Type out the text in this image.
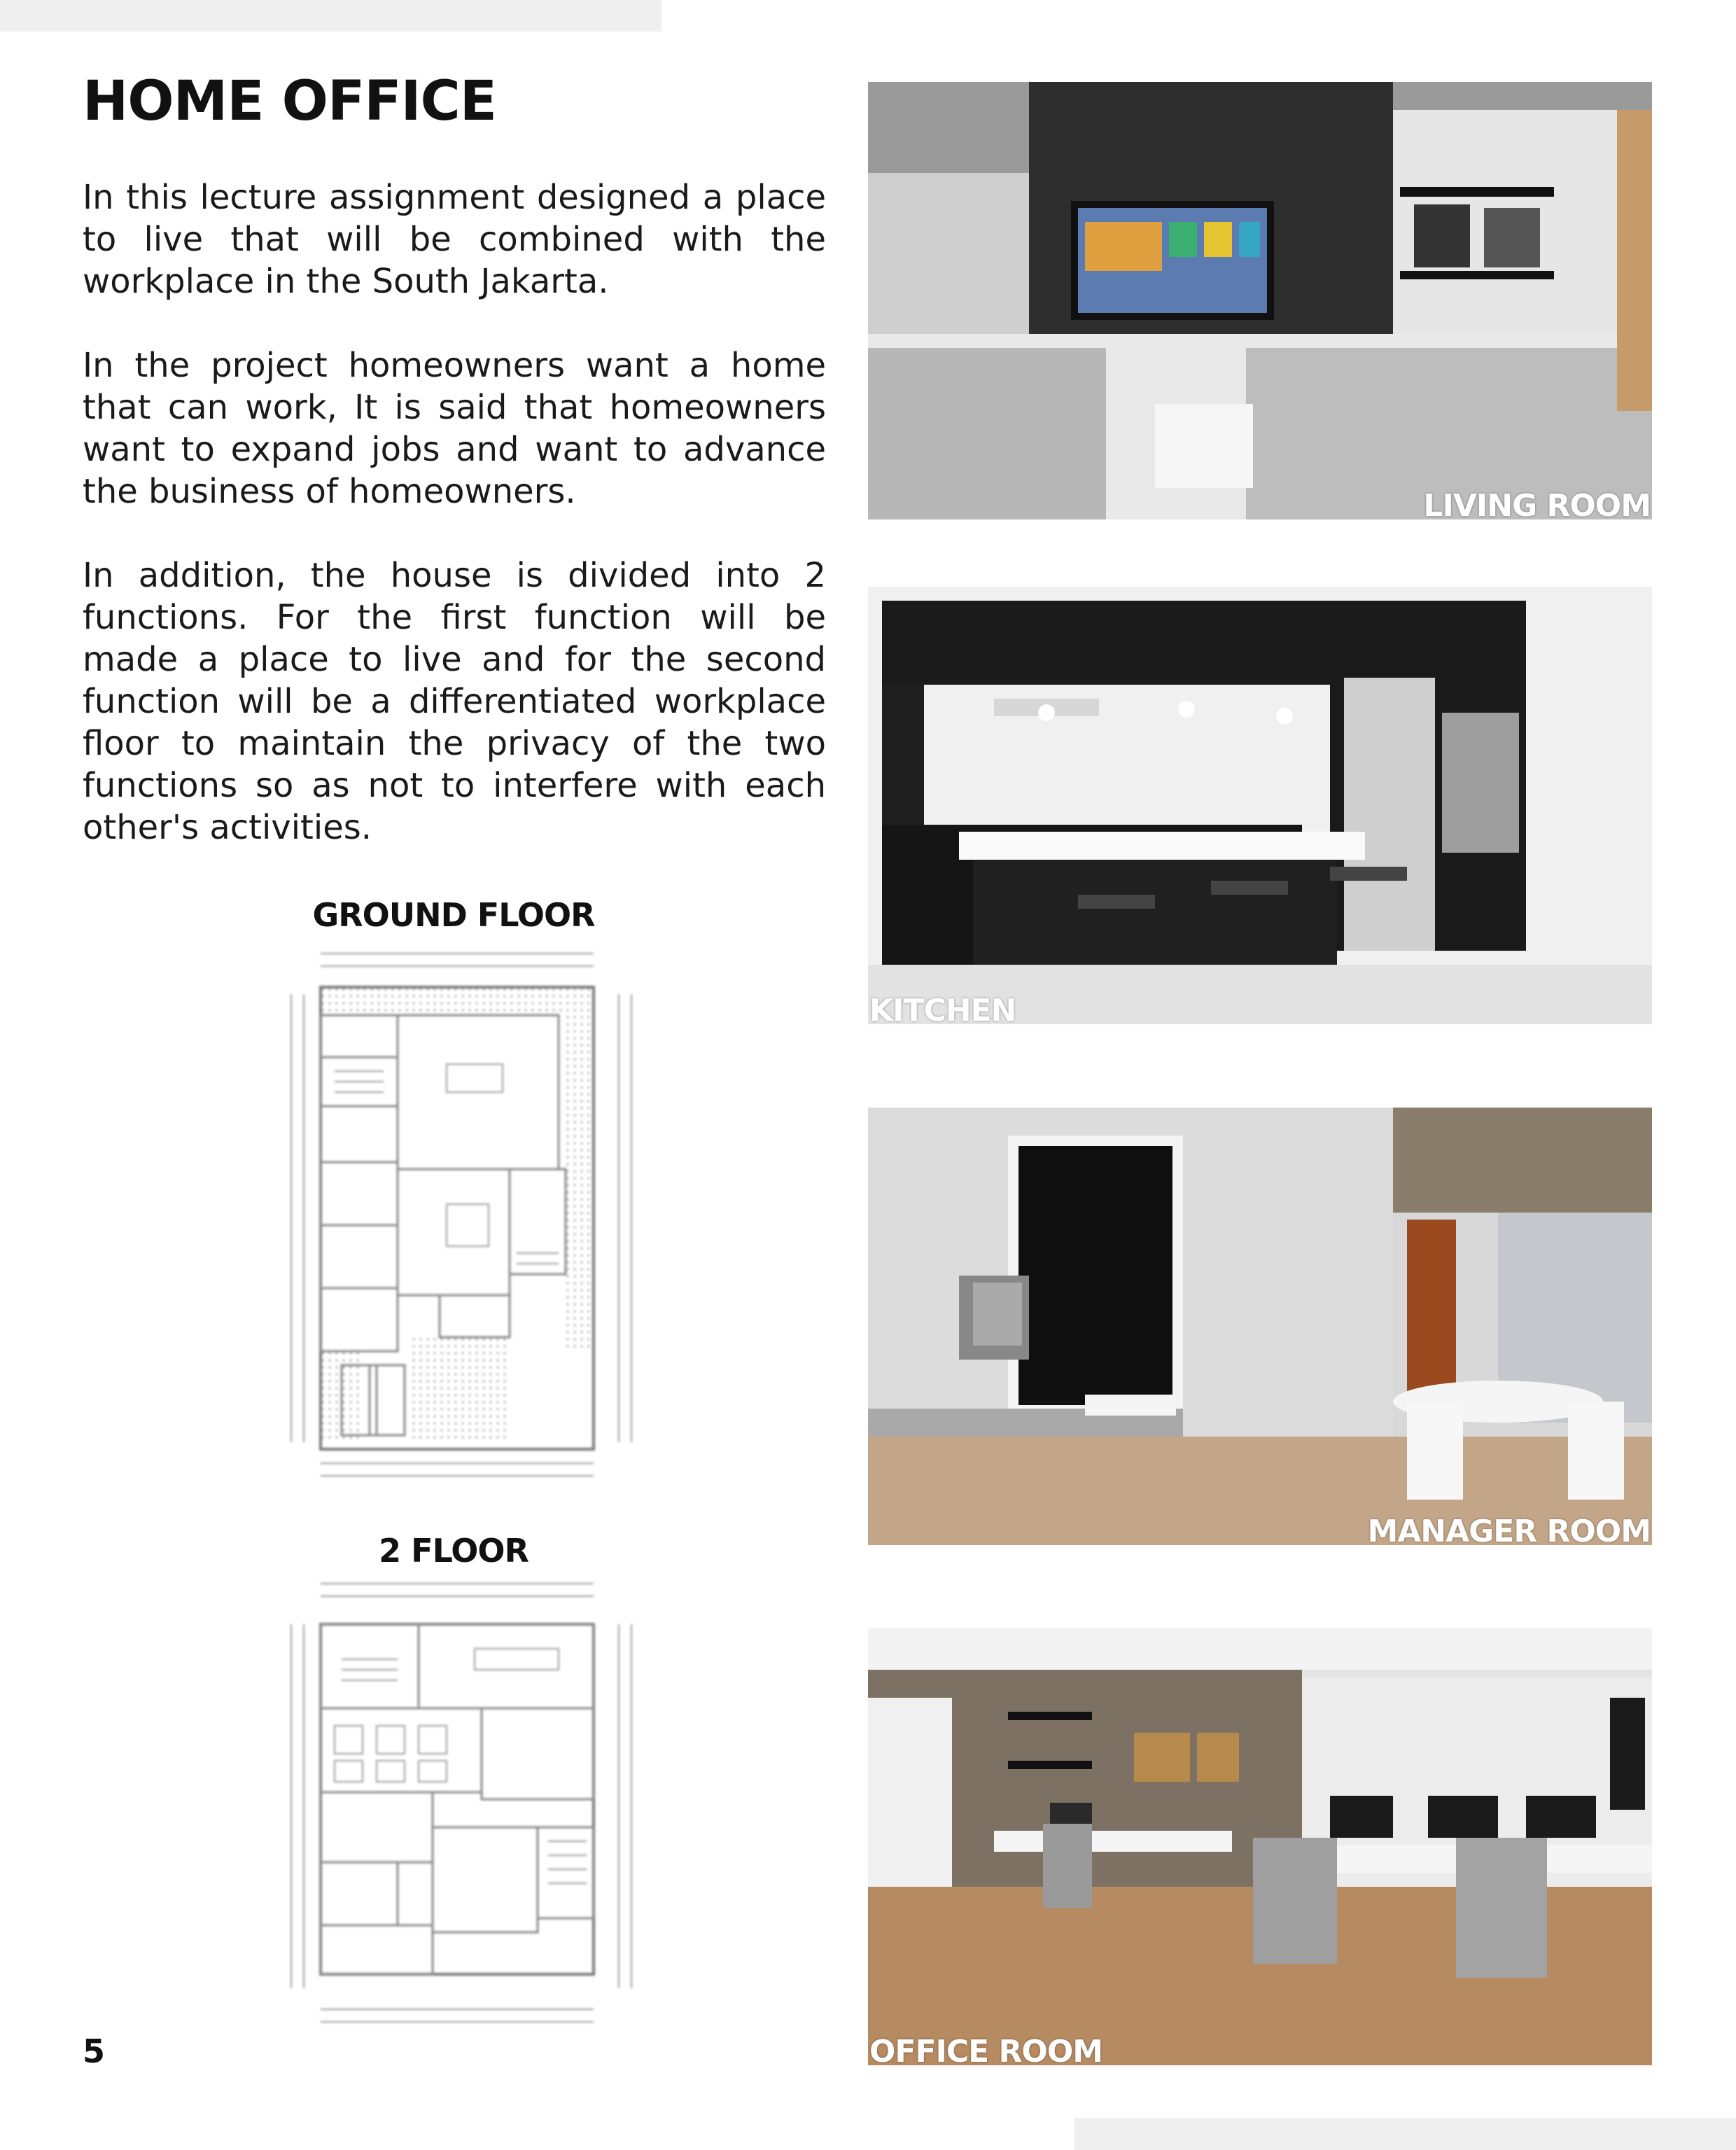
HOME OFFICE

In this lecture assignment designed a place to live that will be combined with the workplace in the South Jakarta.

In the project homeowners want a home that can work, It is said that homeowners want to expand jobs and want to advance the business of homeowners.

In addition, the house is divided into 2 functions. For the first function will be made a place to live and for the second function will be a differentiated workplace floor to maintain the privacy of the two functions so as not to interfere with each other's activities.

GROUND FLOOR
2 FLOOR
5
LIVING ROOM
KITCHEN
MANAGER ROOM
OFFICE ROOM
